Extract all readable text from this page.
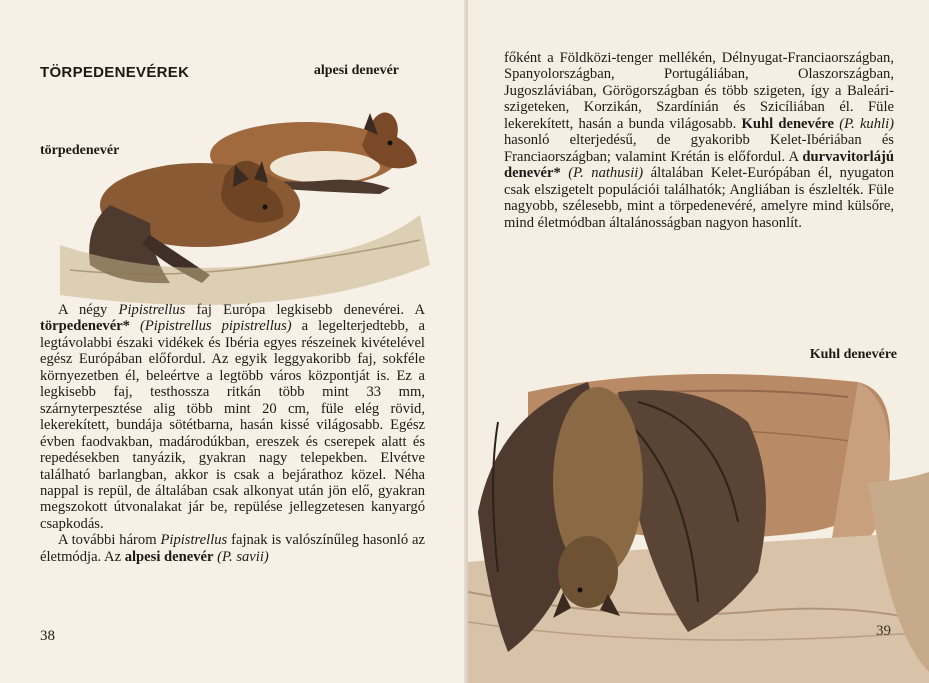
TÖRPEDENEVÉREK	alpesi denevér
törpedenevér

A négy Pipistrellus faj Európa legkisebb denevérei. A törpedenevér* (Pipistrellus pipistrellus) a legelterjedtebb, a legtávolabbi északi vidékek és Ibéria egyes részeinek kivételével egész Európában előfordul. Az egyik leggyakoribb faj, sokféle környezetben él, beleértve a legtöbb város központját is. Ez a legkisebb faj, testhossza ritkán több mint 33 mm, szárnyterpesztése alig több mint 20 cm, füle elég rövid, lekerekített, bundája sötétbarna, hasán kissé világosabb. Egész évben faodvakban, madárodúkban, ereszek és cserepek alatt és repedésekben tanyázik, gyakran nagy telepekben. Elvétve található barlangban, akkor is csak a bejárathoz közel. Néha nappal is repül, de általában csak alkonyat után jön elő, gyakran megszokott útvonalakat jár be, repülése jellegzetesen kanyargó csapkodás.

A további három Pipistrellus fajnak is valószínűleg hasonló az életmódja. Az alpesi denevér (P. savii)

38

főként a Földközi-tenger mellékén, Délnyugat-Franciaországban, Spanyolországban, Portugáliában, Olaszországban, Jugoszláviában, Görögországban és több szigeten, így a Baleári-szigeteken, Korzikán, Szardínián és Szicíliában él. Füle lekerekített, hasán a bunda világosabb. Kuhl denevére (P. kuhli) hasonló elterjedésű, de gyakoribb Kelet-Ibériában és Franciaországban; valamint Krétán is előfordul. A durvavitorlájú denevér* (P. nathusii) általában Kelet-Európában él, nyugaton csak elszigetelt populációi találhatók; Angliában is észlelték. Füle nagyobb, szélesebb, mint a törpedenevéré, amelyre mind külsőre, mind életmódban általánosságban nagyon hasonlít.

Kuhl denevére
39
